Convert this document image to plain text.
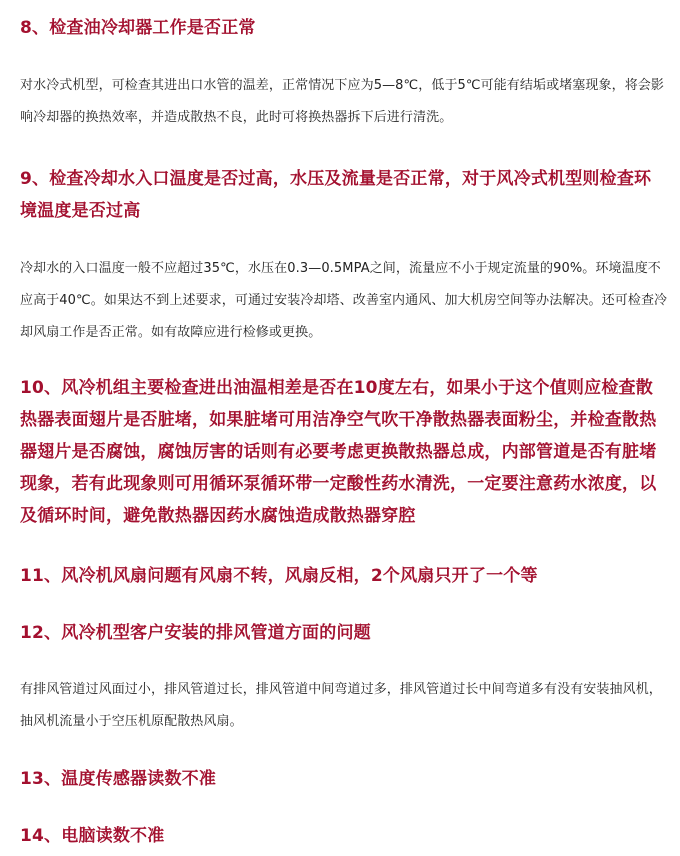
8、检查油冷却器工作是否正常

对水冷式机型，可检查其进出口水管的温差，正常情况下应为5—8℃，低于5℃可能有结垢或堵塞现象，将会影响冷却器的换热效率，并造成散热不良，此时可将换热器拆下后进行清洗。

9、检查冷却水入口温度是否过高，水压及流量是否正常，对于风冷式机型则检查环境温度是否过高

冷却水的入口温度一般不应超过35℃，水压在0.3—0.5MPA之间，流量应不小于规定流量的90%。环境温度不应高于40℃。如果达不到上述要求，可通过安装冷却塔、改善室内通风、加大机房空间等办法解决。还可检查冷却风扇工作是否正常。如有故障应进行检修或更换。

10、风冷机组主要检查进出油温相差是否在10度左右，如果小于这个值则应检查散热器表面翅片是否脏堵，如果脏堵可用洁净空气吹干净散热器表面粉尘，并检查散热器翅片是否腐蚀，腐蚀厉害的话则有必要考虑更换散热器总成，内部管道是否有脏堵现象，若有此现象则可用循环泵循环带一定酸性药水清洗，一定要注意药水浓度，以及循环时间，避免散热器因药水腐蚀造成散热器穿腔
11、风冷机风扇问题有风扇不转，风扇反相，2个风扇只开了一个等
12、风冷机型客户安装的排风管道方面的问题

有排风管道过风面过小，排风管道过长，排风管道中间弯道过多，排风管道过长中间弯道多有没有安装抽风机，抽风机流量小于空压机原配散热风扇。

13、温度传感器读数不准
14、电脑读数不准
